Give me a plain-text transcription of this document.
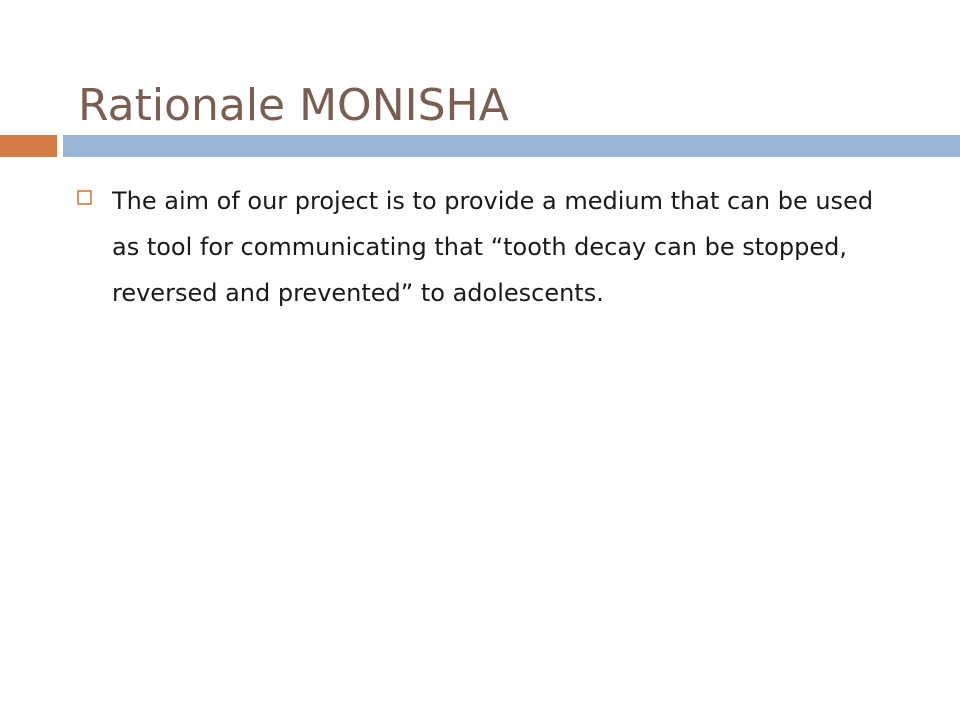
Rationale MONISHA

The aim of our project is to provide a medium that can be used as tool for communicating that “tooth decay can be stopped, reversed and prevented” to adolescents.
